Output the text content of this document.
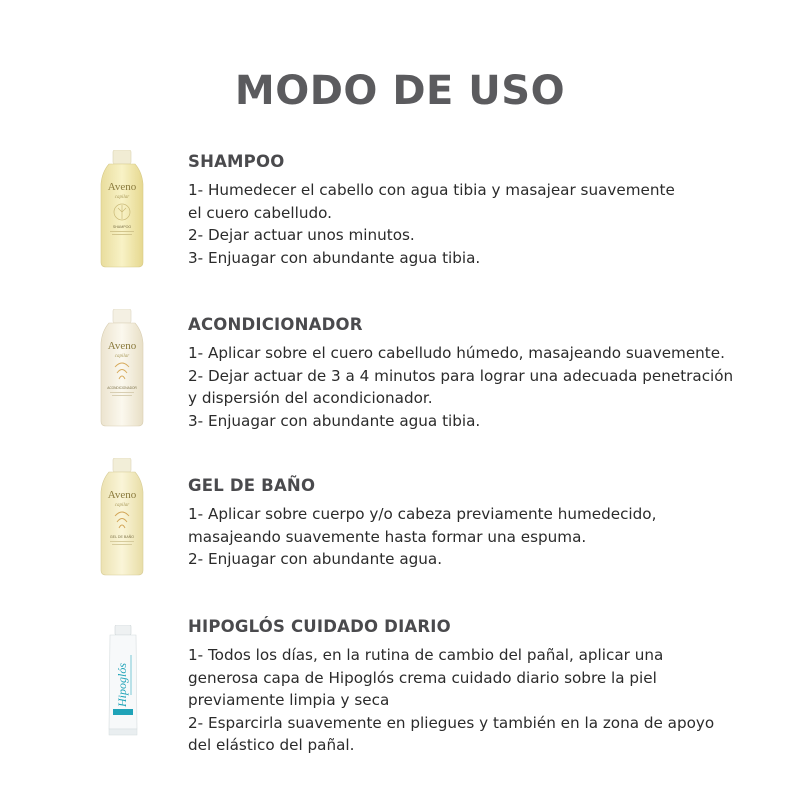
MODO DE USO
Aveno
capilar
SHAMPOO
SHAMPOO

1- Humedecer el cabello con agua tibia y masajear suavemente
el cuero cabelludo.

2- Dejar actuar unos minutos.

3- Enjuagar con abundante agua tibia.

Aveno
capilar
ACONDICIONADOR
ACONDICIONADOR

1- Aplicar sobre el cuero cabelludo húmedo, masajeando suavemente.

2- Dejar actuar de 3 a 4 minutos para lograr una adecuada penetración
y dispersión del acondicionador.

3- Enjuagar con abundante agua tibia.

Aveno
capilar
GEL DE BAÑO
GEL DE BAÑO

1- Aplicar sobre cuerpo y/o cabeza previamente humedecido,
masajeando suavemente hasta formar una espuma.

2- Enjuagar con abundante agua.

Hipoglós
HIPOGLÓS CUIDADO DIARIO

1- Todos los días, en la rutina de cambio del pañal, aplicar una
generosa capa de Hipoglós crema cuidado diario sobre la piel
previamente limpia y seca

2- Esparcirla suavemente en pliegues y también en la zona de apoyo
del elástico del pañal.
